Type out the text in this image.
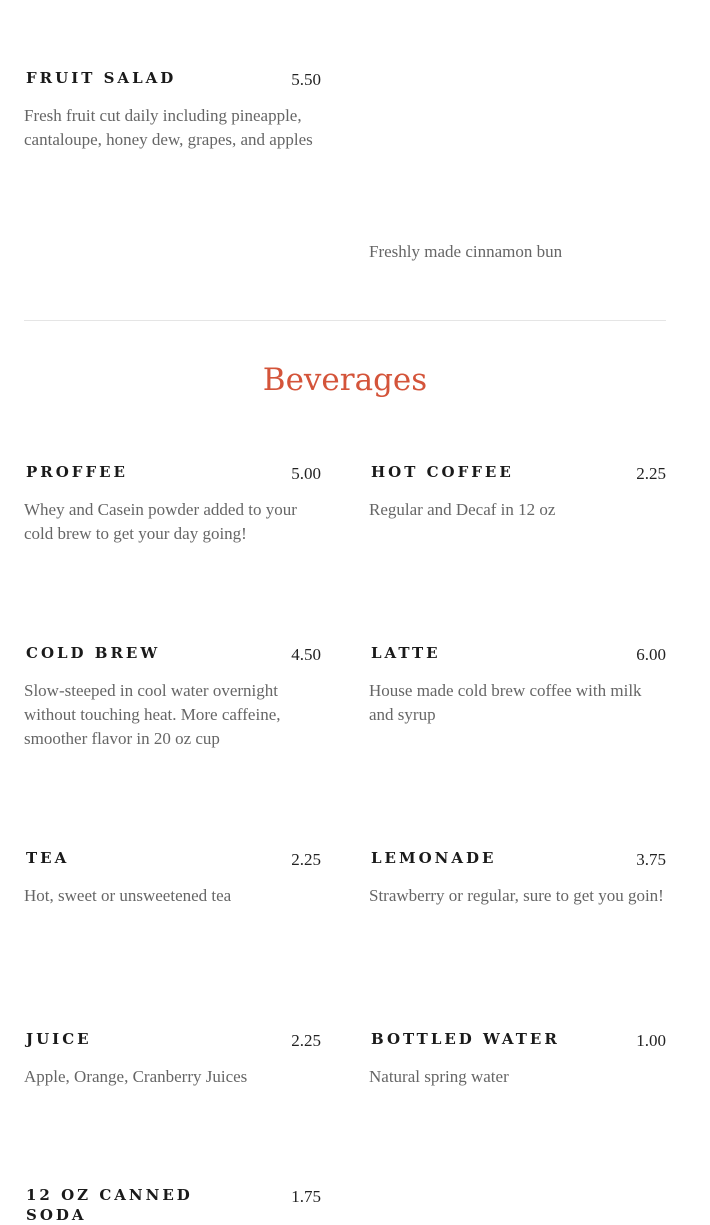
FRUIT SALAD	5.50
Fresh fruit cut daily including pineapple, cantaloupe, honey dew, grapes, and apples
Freshly made cinnamon bun
Beverages
PROFFEE	5.00
Whey and Casein powder added to your cold brew to get your day going!
HOT COFFEE	2.25
Regular and Decaf in 12 oz
COLD BREW	4.50
Slow-steeped in cool water overnight without touching heat. More caffeine, smoother flavor in 20 oz cup
LATTE	6.00
House made cold brew coffee with milk and syrup
TEA	2.25
Hot, sweet or unsweetened tea
LEMONADE	3.75
Strawberry or regular, sure to get you goin!
JUICE	2.25
Apple, Orange, Cranberry Juices
BOTTLED WATER	1.00
Natural spring water
12 OZ CANNED SODA
1.75
